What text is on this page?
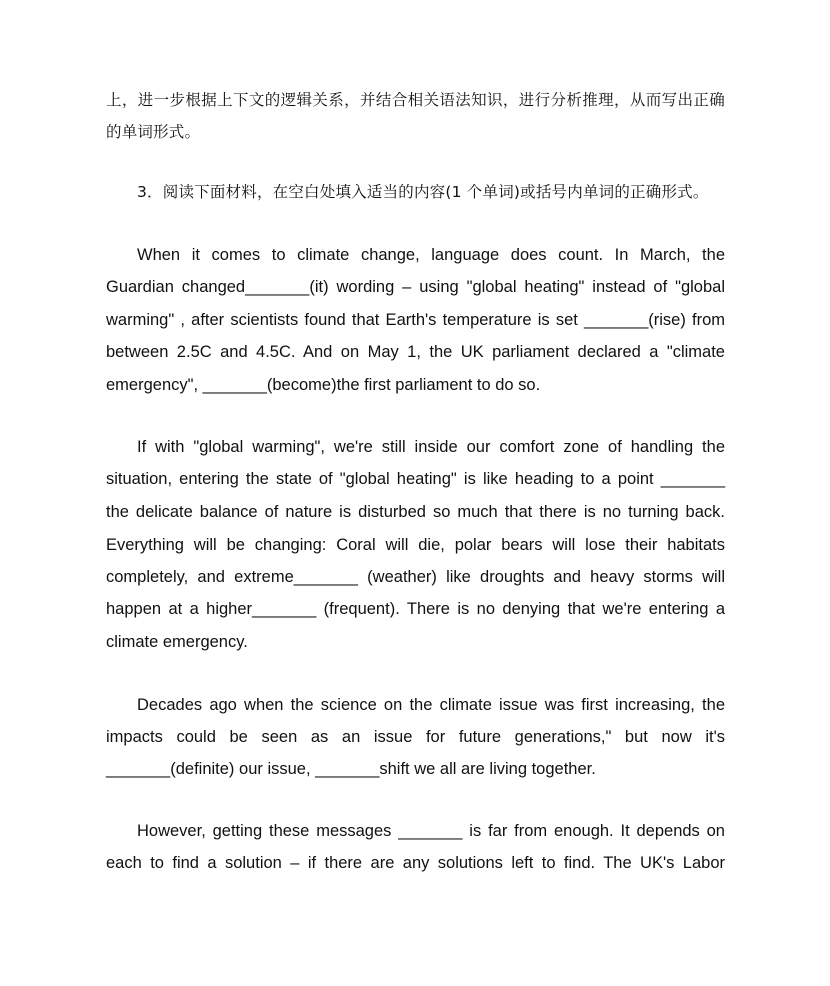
上，进一步根据上下文的逻辑关系，并结合相关语法知识，进行分析推理，从而写出正确
的单词形式。
3．阅读下面材料，在空白处填入适当的内容(1 个单词)或括号内单词的正确形式。
When it comes to climate change, language does count. In March, the
Guardian changed_______(it) wording – using "global heating" instead of "global
warming" , after scientists found that Earth's temperature is set _______(rise) from
between 2.5C and 4.5C. And on May 1, the UK parliament declared a "climate
emergency", _______(become)the first parliament to do so.
If with "global warming", we're still inside our comfort zone of handling the
situation, entering the state of "global heating" is like heading to a point _______
the delicate balance of nature is disturbed so much that there is no turning back.
Everything will be changing: Coral will die, polar bears will lose their habitats
completely, and extreme_______ (weather) like droughts and heavy storms will
happen at a higher_______ (frequent). There is no denying that we're entering a
climate emergency.
Decades ago when the science on the climate issue was first increasing, the
impacts could be seen as an issue for future generations," but now it's
_______(definite) our issue, _______shift we all are living together.
However, getting these messages _______ is far from enough. It depends on
each to find a solution – if there are any solutions left to find. The UK's Labor
